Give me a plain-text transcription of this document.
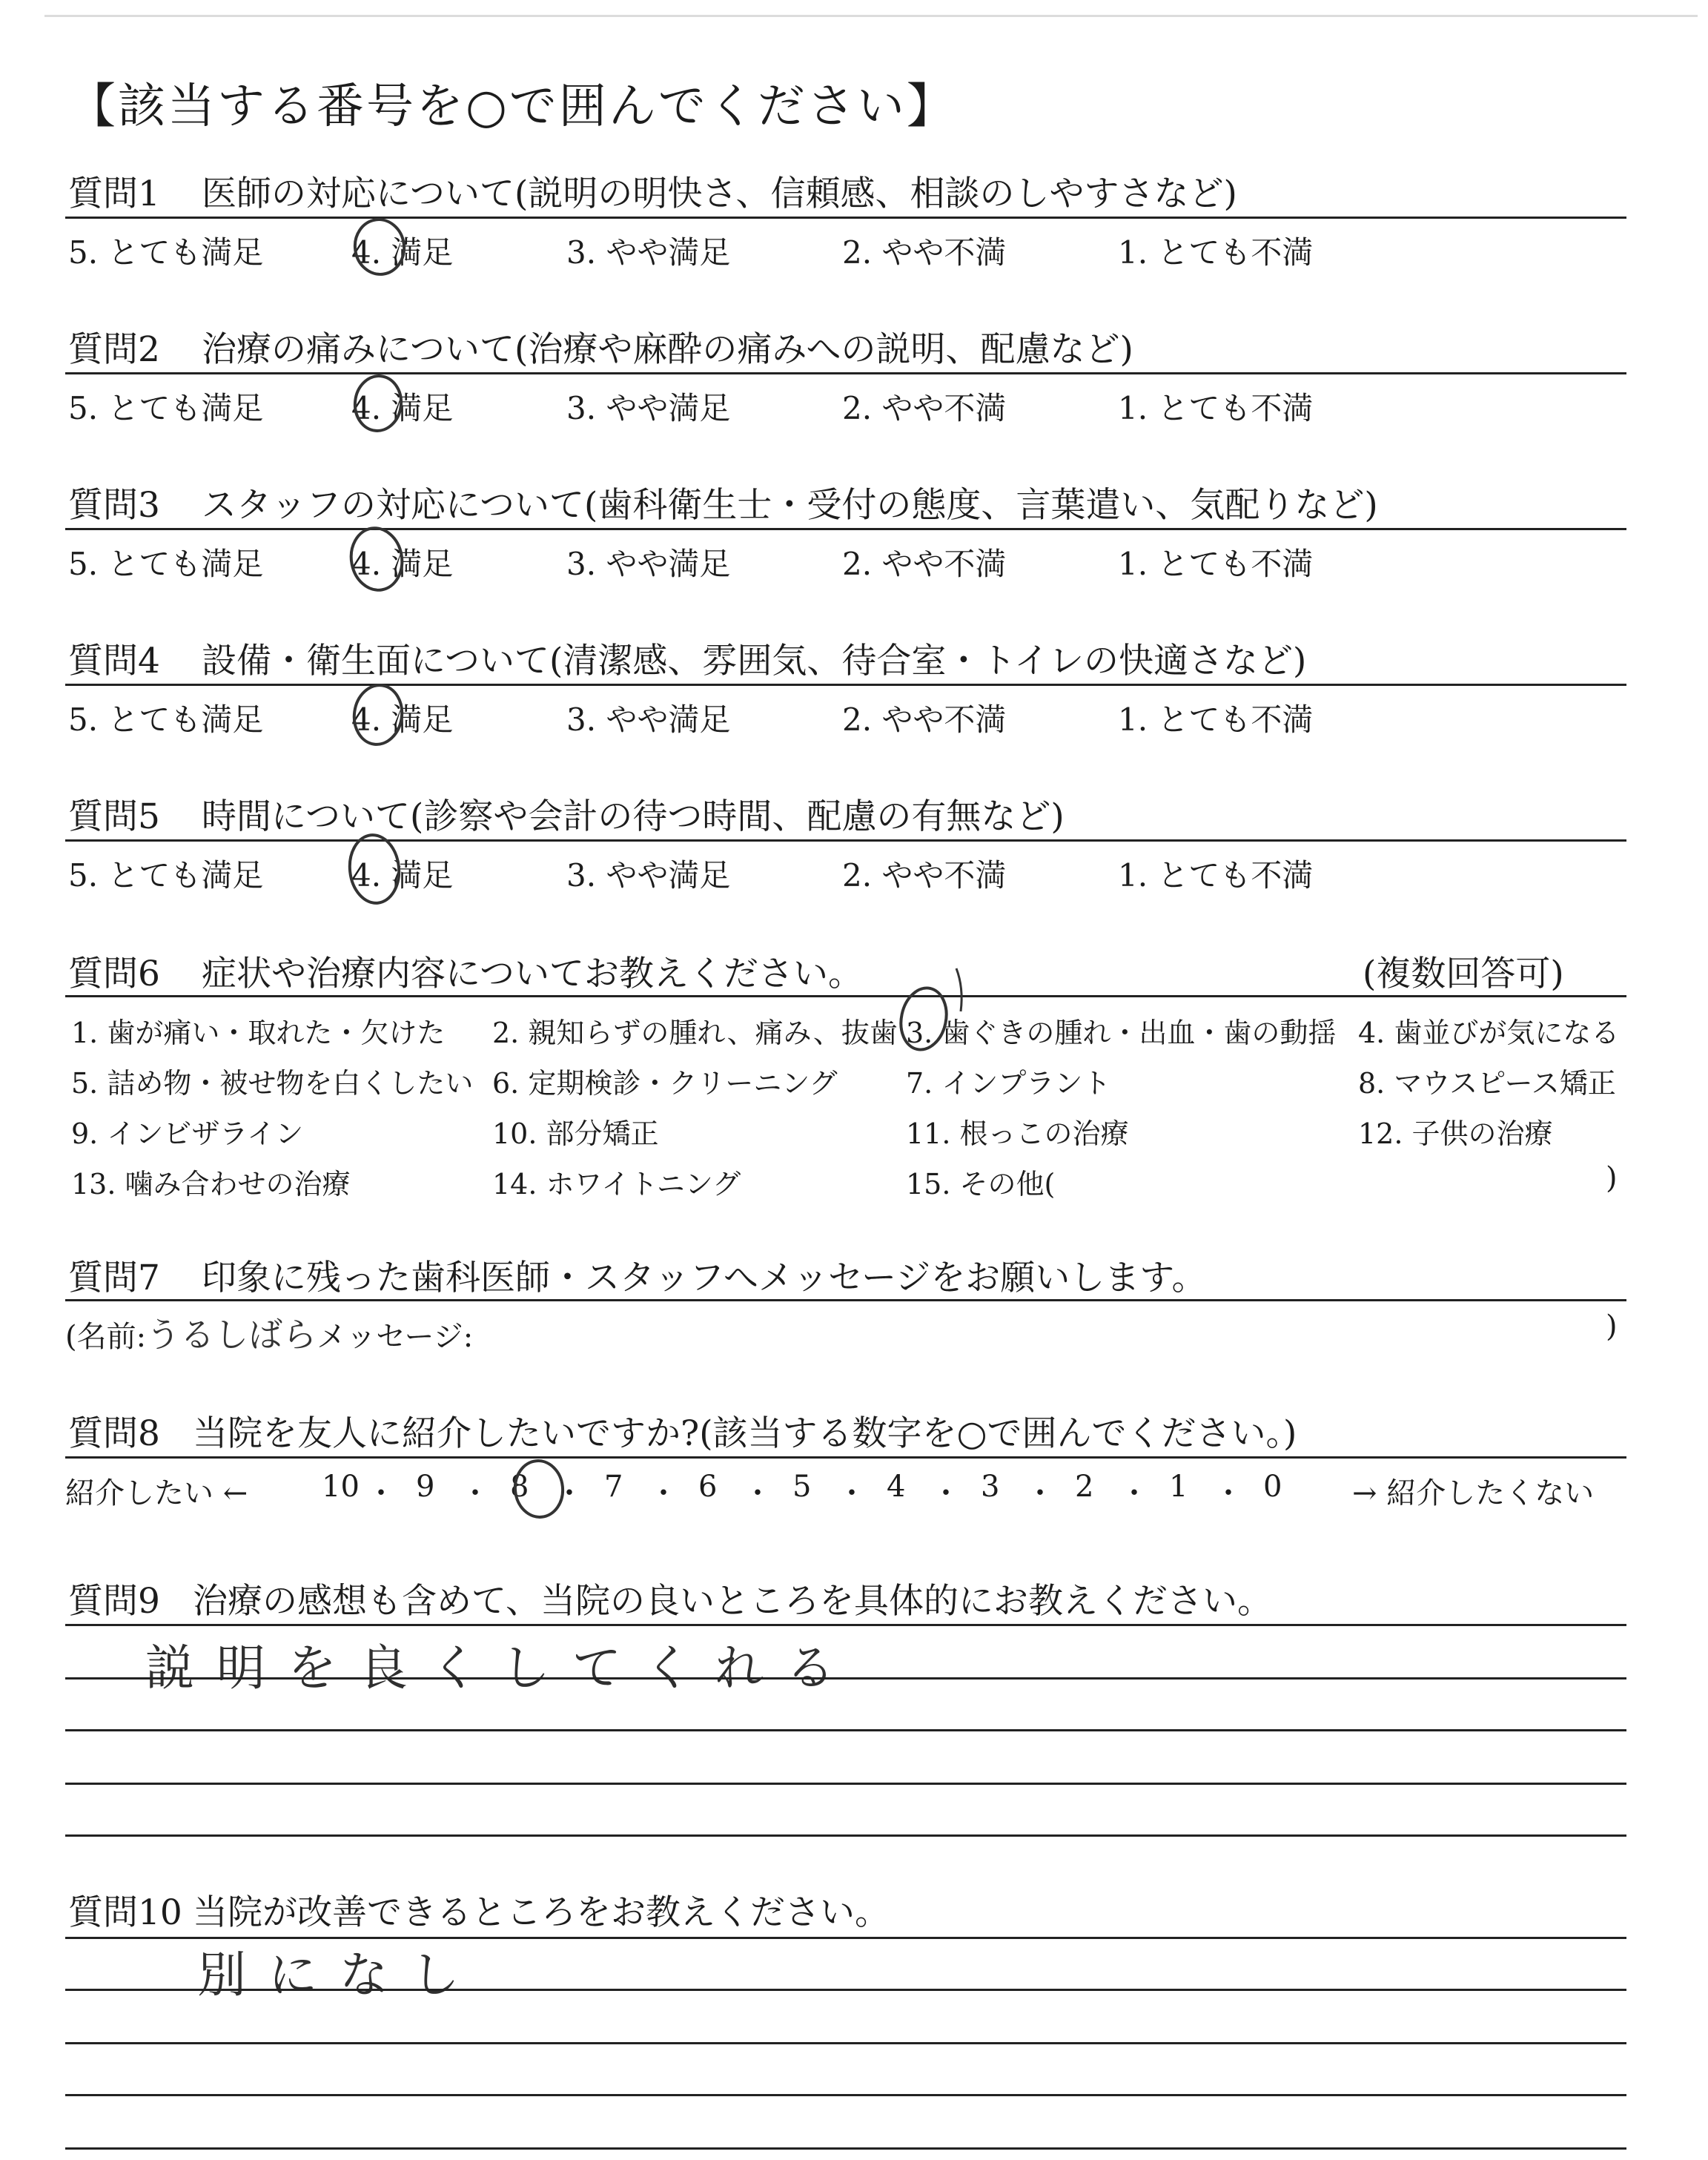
【該当する番号を○で囲んでください】
質問1 医師の対応について(説明の明快さ、信頼感、相談のしやすさなど)
5. とても満足	4. 満足	3. やや満足	2. やや不満	1. とても不満
質問2 治療の痛みについて(治療や麻酔の痛みへの説明、配慮など)
5. とても満足	4. 満足	3. やや満足	2. やや不満	1. とても不満
質問3 スタッフの対応について(歯科衛生士・受付の態度、言葉遣い、気配りなど)
5. とても満足	4. 満足	3. やや満足	2. やや不満	1. とても不満
質問4 設備・衛生面について(清潔感、雰囲気、待合室・トイレの快適さなど)
5. とても満足	4. 満足	3. やや満足	2. やや不満	1. とても不満
質問5 時間について(診察や会計の待つ時間、配慮の有無など)
5. とても満足	4. 満足	3. やや満足	2. やや不満	1. とても不満
質問6 症状や治療内容についてお教えください。	(複数回答可)
1. 歯が痛い・取れた・欠けた 2. 親知らずの腫れ、痛み、抜歯 3. 歯ぐきの腫れ・出血・歯の動揺 4. 歯並びが気になる
5. 詰め物・被せ物を白くしたい 6. 定期検診・クリーニング 7. インプラント	8. マウスピース矯正
9. インビザライン	10. 部分矯正	11. 根っこの治療	12. 子供の治療
13. 噛み合わせの治療	14. ホワイトニング	15. その他(	)
質問7 印象に残った歯科医師・スタッフへメッセージをお願いします。
(名前:うるしばらメッセージ:	)
質問8 当院を友人に紹介したいですか?(該当する数字を○で囲んでください。)
紹介したい ←	→ 紹介したくない
10 ・ 9 ・ 8 ・ 7 ・ 6 ・ 5 ・ 4 ・ 3 ・ 2 ・ 1 ・ 0
質問9 治療の感想も含めて、当院の良いところを具体的にお教えください。
説明を良くしてくれる
質問10 当院が改善できるところをお教えください。
別になし
